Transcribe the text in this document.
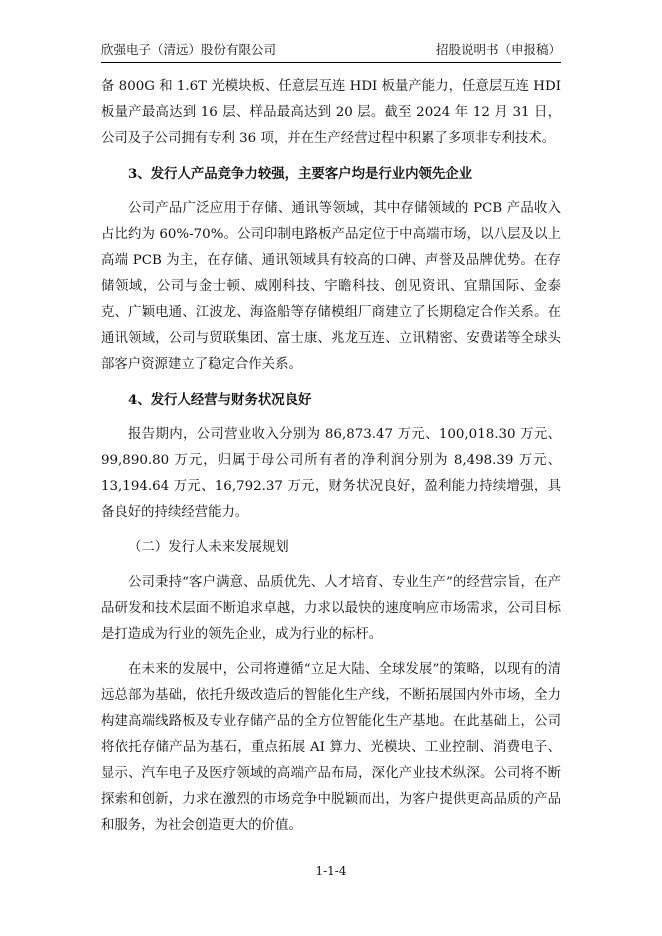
欣强电子（清远）股份有限公司	招股说明书（申报稿）

备 800G 和 1.6T 光模块板、任意层互连 HDI 板量产能力，任意层互连 HDI 板量产最高达到 16 层、样品最高达到 20 层。截至 2024 年 12 月 31 日，公司及子公司拥有专利 36 项，并在生产经营过程中积累了多项非专利技术。

3、发行人产品竞争力较强，主要客户均是行业内领先企业

公司产品广泛应用于存储、通讯等领域，其中存储领域的 PCB 产品收入占比约为 60%-70%。公司印制电路板产品定位于中高端市场，以八层及以上高端 PCB 为主，在存储、通讯领域具有较高的口碑、声誉及品牌优势。在存储领域，公司与金士顿、威刚科技、宇瞻科技、创见资讯、宜鼎国际、金泰克、广颖电通、江波龙、海盗船等存储模组厂商建立了长期稳定合作关系。在通讯领域，公司与贸联集团、富士康、兆龙互连、立讯精密、安费诺等全球头部客户资源建立了稳定合作关系。

4、发行人经营与财务状况良好

报告期内，公司营业收入分别为 86,873.47 万元、100,018.30 万元、99,890.80 万元，归属于母公司所有者的净利润分别为 8,498.39 万元、13,194.64 万元、16,792.37 万元，财务状况良好，盈利能力持续增强，具备良好的持续经营能力。

（二）发行人未来发展规划

公司秉持“客户满意、品质优先、人才培育、专业生产”的经营宗旨，在产品研发和技术层面不断追求卓越，力求以最快的速度响应市场需求，公司目标是打造成为行业的领先企业，成为行业的标杆。

在未来的发展中，公司将遵循“立足大陆、全球发展”的策略，以现有的清远总部为基础，依托升级改造后的智能化生产线，不断拓展国内外市场，全力构建高端线路板及专业存储产品的全方位智能化生产基地。在此基础上，公司将依托存储产品为基石，重点拓展 AI 算力、光模块、工业控制、消费电子、显示、汽车电子及医疗领域的高端产品布局，深化产业技术纵深。公司将不断探索和创新，力求在激烈的市场竞争中脱颖而出，为客户提供更高品质的产品和服务，为社会创造更大的价值。

1-1-4
